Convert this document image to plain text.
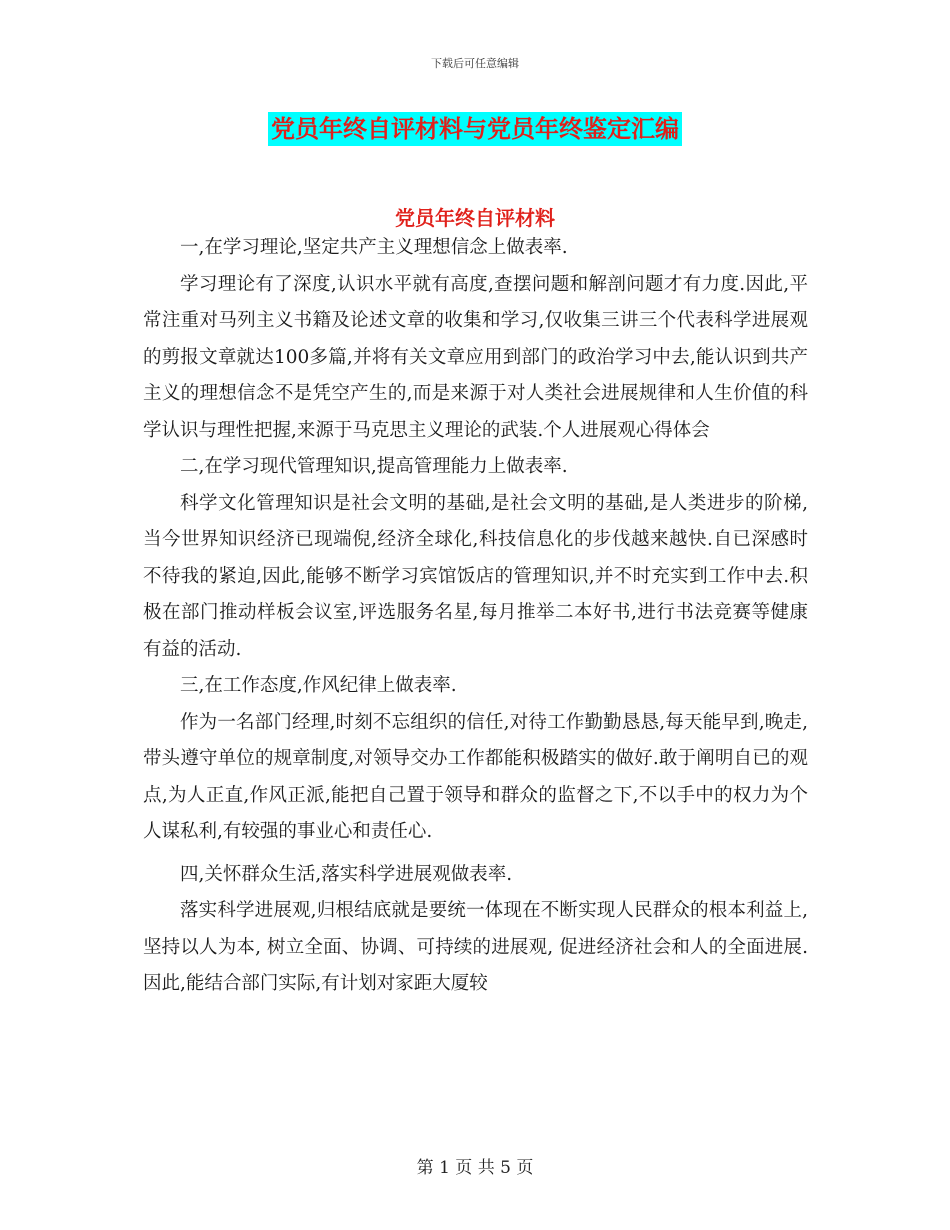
下载后可任意编辑
党员年终自评材料与党员年终鉴定汇编
党员年终自评材料

一,在学习理论,坚定共产主义理想信念上做表率.

学习理论有了深度,认识水平就有高度,查摆问题和解剖问题才有力度.因此,平常注重对马列主义书籍及论述文章的收集和学习,仅收集三讲三个代表科学进展观的剪报文章就达100多篇,并将有关文章应用到部门的政治学习中去,能认识到共产主义的理想信念不是凭空产生的,而是来源于对人类社会进展规律和人生价值的科学认识与理性把握,来源于马克思主义理论的武装.个人进展观心得体会

二,在学习现代管理知识,提高管理能力上做表率.

科学文化管理知识是社会文明的基础,是社会文明的基础,是人类进步的阶梯,当今世界知识经济已现端倪,经济全球化,科技信息化的步伐越来越快.自已深感时不待我的紧迫,因此,能够不断学习宾馆饭店的管理知识,并不时充实到工作中去.积极在部门推动样板会议室,评选服务名星,每月推举二本好书,进行书法竞赛等健康有益的活动.

三,在工作态度,作风纪律上做表率.

作为一名部门经理,时刻不忘组织的信任,对待工作勤勤恳恳,每天能早到,晚走,带头遵守单位的规章制度,对领导交办工作都能积极踏实的做好.敢于阐明自已的观点,为人正直,作风正派,能把自己置于领导和群众的监督之下,不以手中的权力为个人谋私利,有较强的事业心和责任心.

四,关怀群众生活,落实科学进展观做表率.

落实科学进展观,归根结底就是要统一体现在不断实现人民群众的根本利益上,坚持以人为本, 树立全面、协调、可持续的进展观, 促进经济社会和人的全面进展.因此,能结合部门实际,有计划对家距大厦较

第 1 页 共 5 页
